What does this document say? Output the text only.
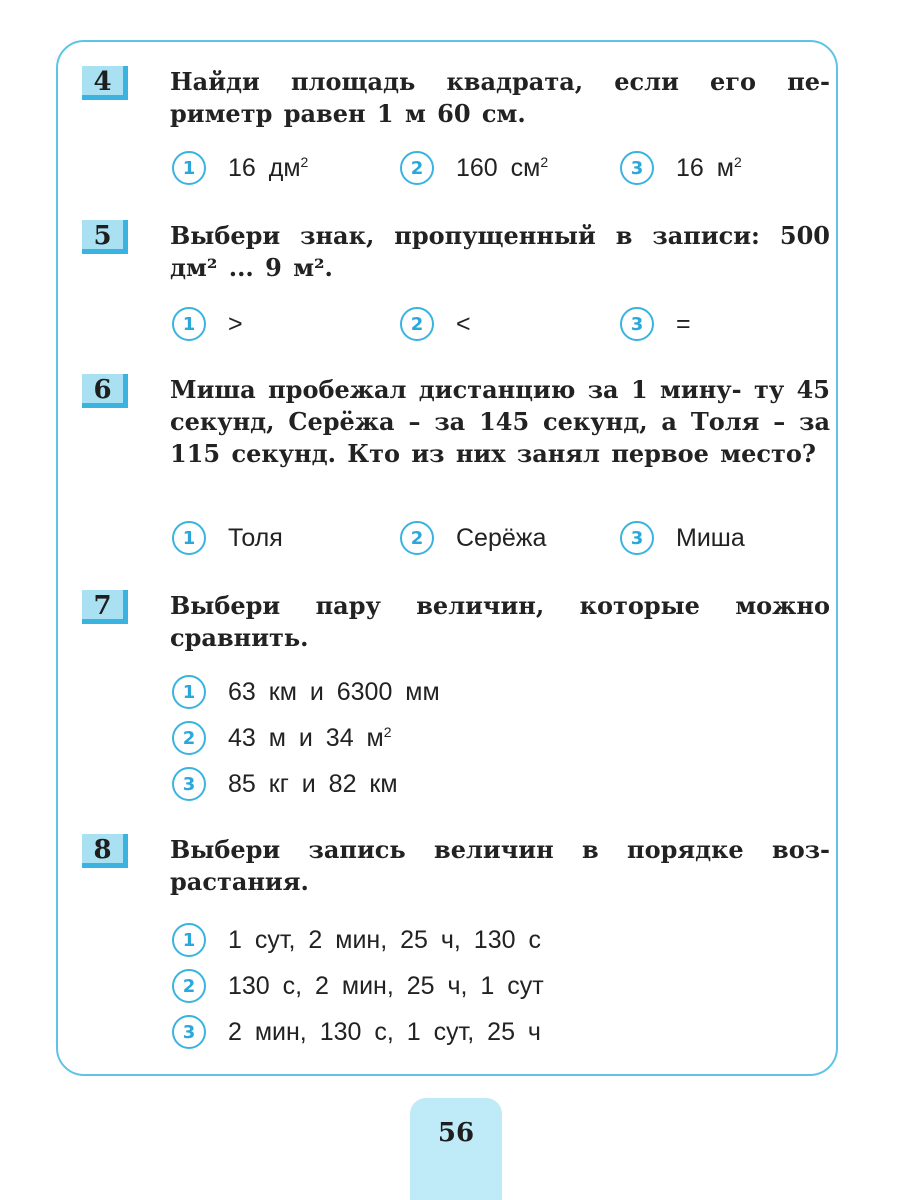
4	Найди площадь квадрата, если его пе- риметр равен 1 м 60 см.
1	16 $дм^2$	2	160 $см^2$	3	16 $м^2$
5	Выбери знак, пропущенный в записи: 500 дм² ... 9 м².
1	>	2	<	3	=
6	Миша пробежал дистанцию за 1 мину- ту 45 секунд, Серёжа – за 145 секунд, а Толя – за 115 секунд. Кто из них занял первое место?
1	Толя	2	Серёжа	3	Миша
7	Выбери пару величин, которые можно сравнить.
1	63 км и 6300 мм
2	43 м и 34 $м^2$
3	85 кг и 82 км
8	Выбери запись величин в порядке воз- растания.
1	1 сут, 2 мин, 25 ч, 130 с
2	130 с, 2 мин, 25 ч, 1 сут
3	2 мин, 130 с, 1 сут, 25 ч
56
